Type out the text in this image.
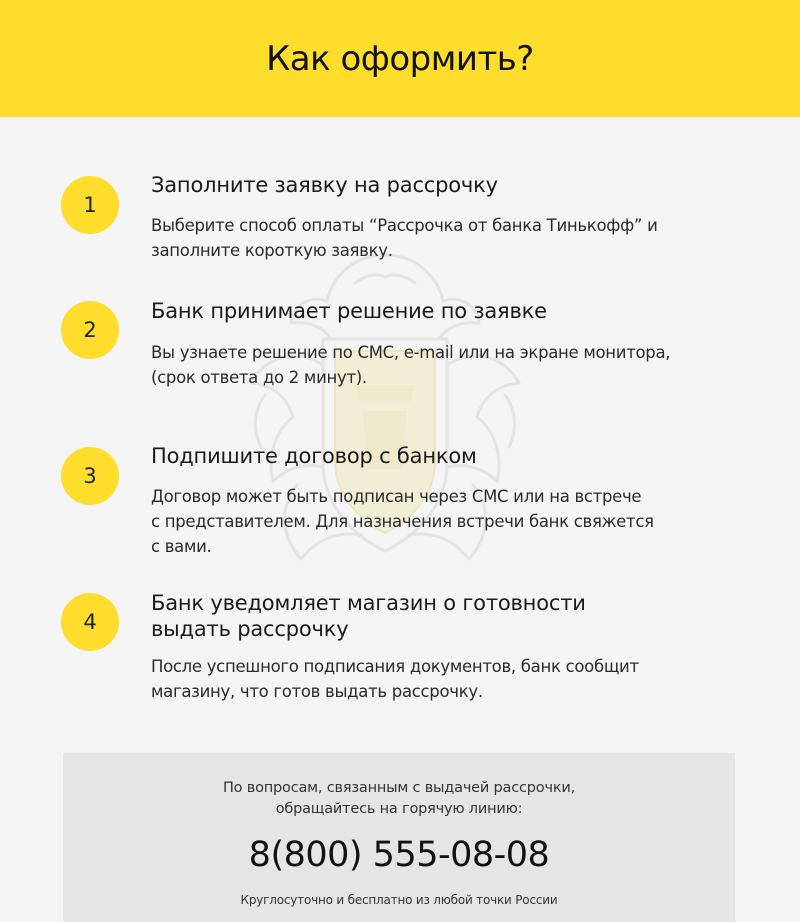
Как оформить?
1
Заполните заявку на рассрочку

Выберите способ оплаты “Рассрочка от банка Тинькофф” и
заполните короткую заявку.

2
Банк принимает решение по заявке

Вы узнаете решение по СМС, e-mail или на экране монитора,
(срок ответа до 2 минут).

3
Подпишите договор с банком

Договор может быть подписан через СМС или на встрече
с представителем. Для назначения встречи банк свяжется
с вами.

4
Банк уведомляет магазин о готовности
выдать рассрочку

После успешного подписания документов, банк сообщит
магазину, что готов выдать рассрочку.

По вопросам, связанным с выдачей рассрочки,
обращайтесь на горячую линию:
8(800) 555-08-08
Круглосуточно и бесплатно из любой точки России
